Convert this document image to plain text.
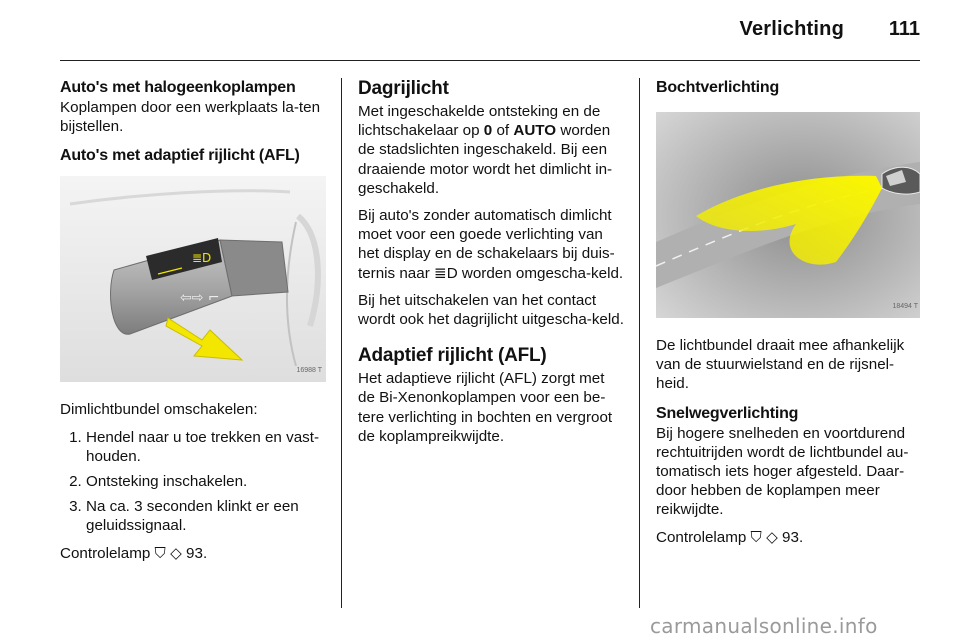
Verlichting 111
Auto's met halogeenkoplampen

Koplampen door een werkplaats la-ten bijstellen.

Auto's met adaptief rijlicht (AFL)
≣D
⇦⇨ ⌐
16988 T

Dimlichtbundel omschakelen:

1. Hendel naar u toe trekken en vast-houden.
2. Ontsteking inschakelen.
3. Na ca. 3 seconden klinkt er een geluidssignaal.

Controlelamp ⛉ ◇ 93.

Dagrijlicht

Met ingeschakelde ontsteking en de lichtschakelaar op 0 of AUTO worden de stadslichten ingeschakeld. Bij een draaiende motor wordt het dimlicht in-geschakeld.

Bij auto's zonder automatisch dimlicht moet voor een goede verlichting van het display en de schakelaars bij duis-ternis naar ≣D worden omgescha-keld.

Bij het uitschakelen van het contact wordt ook het dagrijlicht uitgescha-keld.

Adaptief rijlicht (AFL)

Het adaptieve rijlicht (AFL) zorgt met de Bi-Xenonkoplampen voor een be-tere verlichting in bochten en vergroot de koplampreikwijdte.

Bochtverlichting
18494 T

De lichtbundel draait mee afhankelijk van de stuurwielstand en de rijsnel-heid.

Snelwegverlichting

Bij hogere snelheden en voortdurend rechtuitrijden wordt de lichtbundel au-tomatisch iets hoger afgesteld. Daar-door hebben de koplampen meer reikwijdte.

Controlelamp ⛉ ◇ 93.

carmanualsonline.info
